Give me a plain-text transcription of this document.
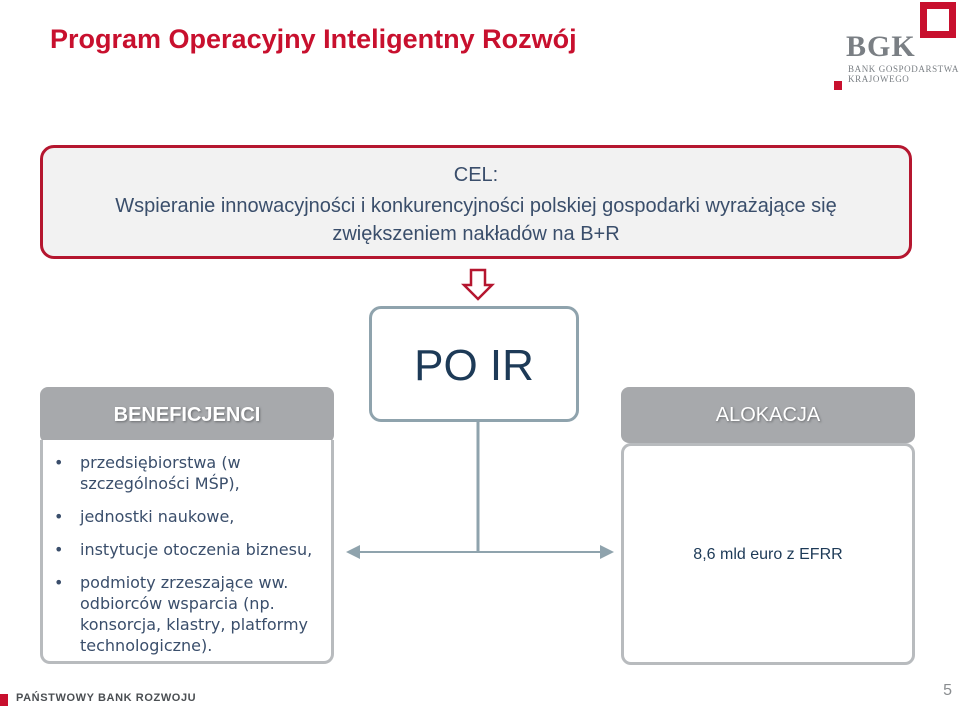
Program Operacyjny Inteligentny Rozwój	BGK
BANK GOSPODARSTWA
KRAJOWEGO
CEL:
Wspieranie innowacyjności i konkurencyjności polskiej gospodarki wyrażające się zwiększeniem nakładów na B+R
PO IR
BENEFICJENCI
• przedsiębiorstwa (w szczególności MŚP),
• jednostki naukowe,
• instytucje otoczenia biznesu,
• podmioty zrzeszające ww. odbiorców wsparcia (np. konsorcja, klastry, platformy technologiczne).
ALOKACJA
8,6 mld euro z EFRR
PAŃSTWOWY BANK ROZWOJU	5
